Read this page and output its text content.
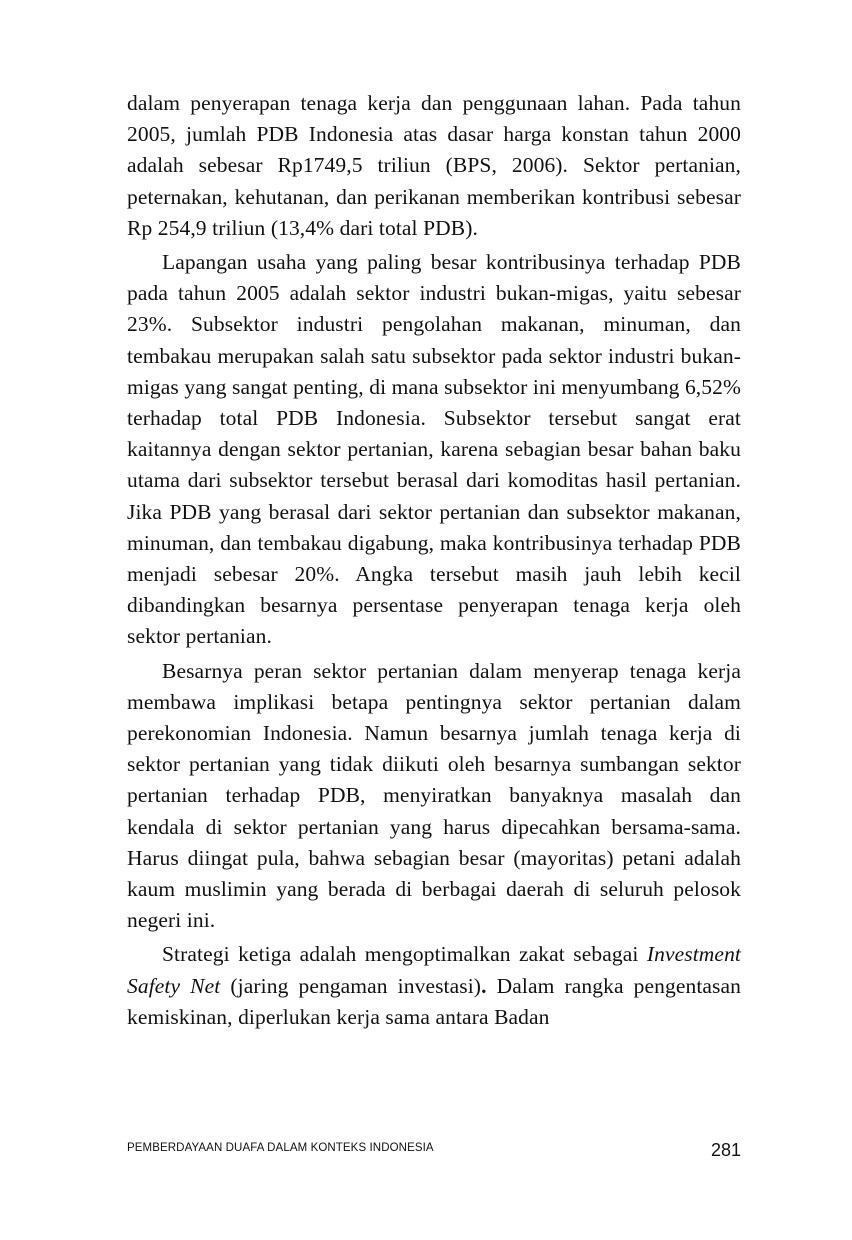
dalam penyerapan tenaga kerja dan penggunaan lahan. Pada tahun 2005, jumlah PDB Indonesia atas dasar harga konstan tahun 2000 adalah sebesar Rp1749,5 triliun (BPS, 2006). Sektor pertanian, peternakan, kehutanan, dan perikanan memberikan kontribusi sebesar Rp 254,9 triliun (13,4% dari total PDB).

Lapangan usaha yang paling besar kontribusinya terhadap PDB pada tahun 2005 adalah sektor industri bukan-migas, yaitu sebesar 23%. Subsektor industri pengolahan makanan, minuman, dan tembakau merupakan salah satu subsektor pada sektor industri bukan-migas yang sangat penting, di mana subsektor ini menyumbang 6,52% terhadap total PDB Indonesia. Subsektor tersebut sangat erat kaitannya dengan sektor pertanian, karena sebagian besar bahan baku utama dari subsektor tersebut berasal dari komoditas hasil pertanian. Jika PDB yang berasal dari sektor pertanian dan subsektor makanan, minuman, dan tembakau digabung, maka kontribusinya terhadap PDB menjadi sebesar 20%. Angka tersebut masih jauh lebih kecil dibandingkan besarnya persentase penyerapan tenaga kerja oleh sektor pertanian.

Besarnya peran sektor pertanian dalam menyerap tenaga kerja membawa implikasi betapa pentingnya sektor pertanian dalam perekonomian Indonesia. Namun besarnya jumlah tenaga kerja di sektor pertanian yang tidak diikuti oleh besarnya sumbangan sektor pertanian terhadap PDB, menyiratkan banyaknya masalah dan kendala di sektor pertanian yang harus dipecahkan bersama-sama. Harus diingat pula, bahwa sebagian besar (mayoritas) petani adalah kaum muslimin yang berada di berbagai daerah di seluruh pelosok negeri ini.

Strategi ketiga adalah mengoptimalkan zakat sebagai Investment Safety Net (jaring pengaman investasi). Dalam rangka pengentasan kemiskinan, diperlukan kerja sama antara Badan

PEMBERDAYAAN DUAFA DALAM KONTEKS INDONESIA	281
